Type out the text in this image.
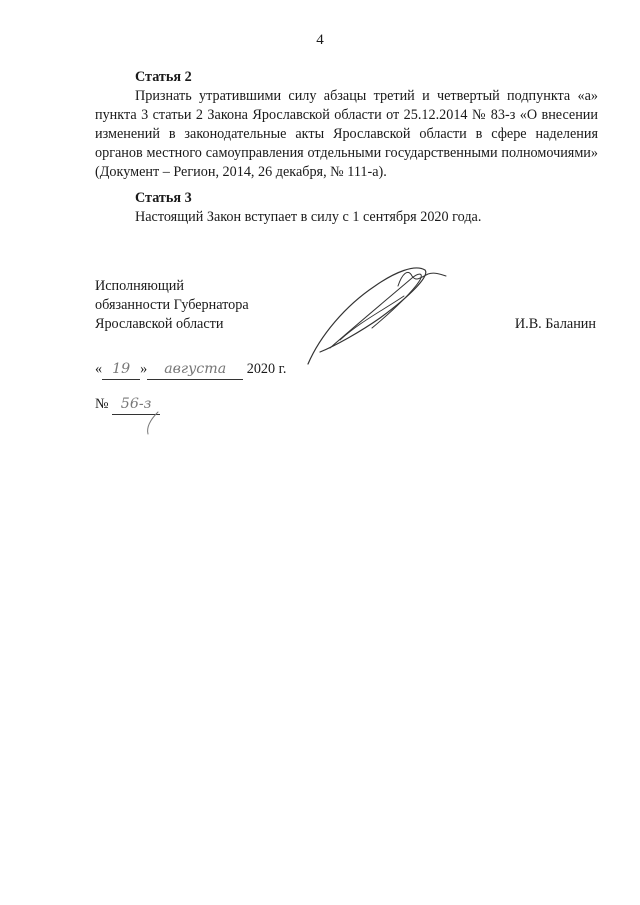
4
Статья 2

Признать утратившими силу абзацы третий и четвертый подпункта «а» пункта 3 статьи 2 Закона Ярославской области от 25.12.2014 № 83-з «О внесении изменений в законодательные акты Ярославской области в сфере наделения органов местного самоуправления отдельными государственными полномочиями» (Документ – Регион, 2014, 26 декабря, № 111-а).

Статья 3

Настоящий Закон вступает в силу с 1 сентября 2020 года.

Исполняющий
обязанности Губернатора
Ярославской области	И.В. Баланин
« 19 » августа 2020 г.
№ 56-з
